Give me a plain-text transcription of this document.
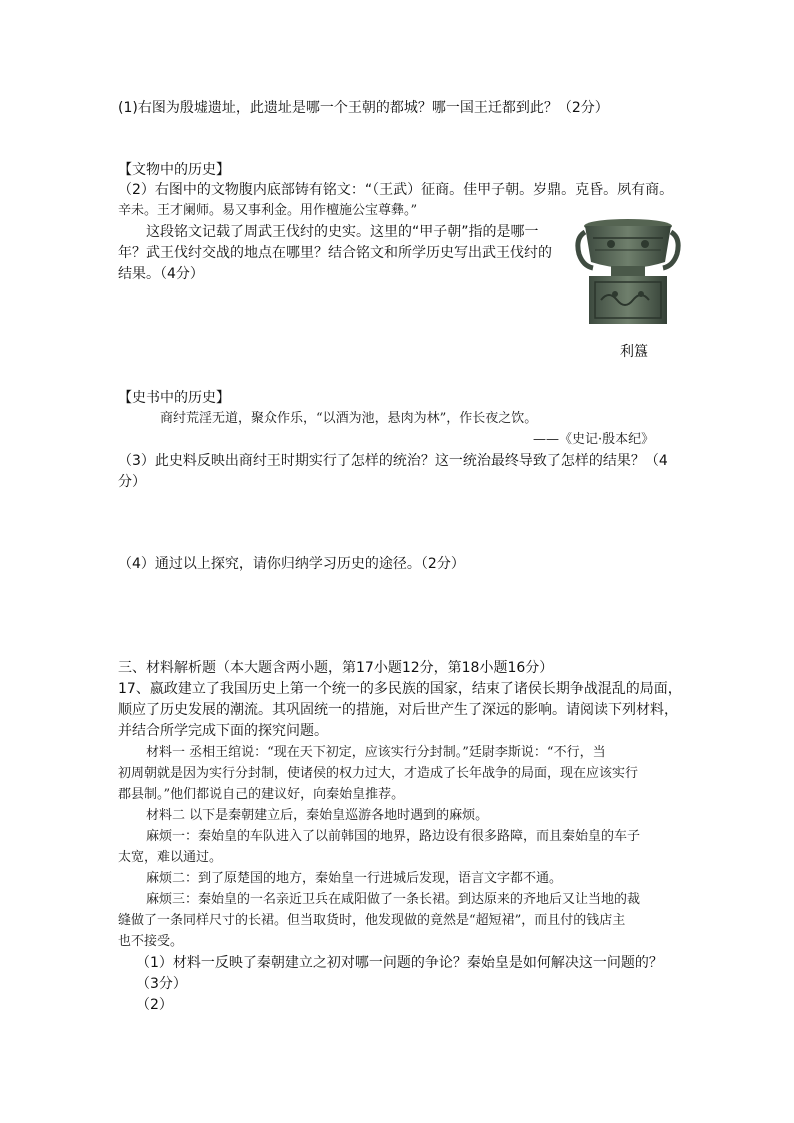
(1)右图为殷墟遗址，此遗址是哪一个王朝的都城？哪一国王迁都到此？（2分）
【文物中的历史】
（2）右图中的文物腹内底部铸有铭文：“（王武）征商。佳甲子朝。岁鼎。克昏。夙有商。
辛未。王才阑师。易又事利金。用作檀施公宝尊彝。”
这段铭文记载了周武王伐纣的史实。这里的“甲子朝”指的是哪一
年？武王伐纣交战的地点在哪里？结合铭文和所学历史写出武王伐纣的
结果。（4分）
利簋
【史书中的历史】
商纣荒淫无道，聚众作乐，“以酒为池，悬肉为林”，作长夜之饮。
——《史记·殷本纪》
（3）此史料反映出商纣王时期实行了怎样的统治？这一统治最终导致了怎样的结果？（4
分）
（4）通过以上探究，请你归纳学习历史的途径。（2分）
三、材料解析题（本大题含两小题，第17小题12分，第18小题16分）
17、嬴政建立了我国历史上第一个统一的多民族的国家，结束了诸侯长期争战混乱的局面，
顺应了历史发展的潮流。其巩固统一的措施，对后世产生了深远的影响。请阅读下列材料，
并结合所学完成下面的探究问题。
材料一 丞相王绾说：“现在天下初定，应该实行分封制。”廷尉李斯说：“不行，当
初周朝就是因为实行分封制，使诸侯的权力过大，才造成了长年战争的局面，现在应该实行
郡县制。”他们都说自己的建议好，向秦始皇推荐。
材料二 以下是秦朝建立后，秦始皇巡游各地时遇到的麻烦。
麻烦一：秦始皇的车队进入了以前韩国的地界，路边设有很多路障，而且秦始皇的车子
太宽，难以通过。
麻烦二：到了原楚国的地方，秦始皇一行进城后发现，语言文字都不通。
麻烦三：秦始皇的一名亲近卫兵在咸阳做了一条长裙。到达原来的齐地后又让当地的裁
缝做了一条同样尺寸的长裙。但当取货时，他发现做的竟然是“超短裙”，而且付的钱店主
也不接受。
（1）材料一反映了秦朝建立之初对哪一问题的争论？秦始皇是如何解决这一问题的？
（3分）
（2）
